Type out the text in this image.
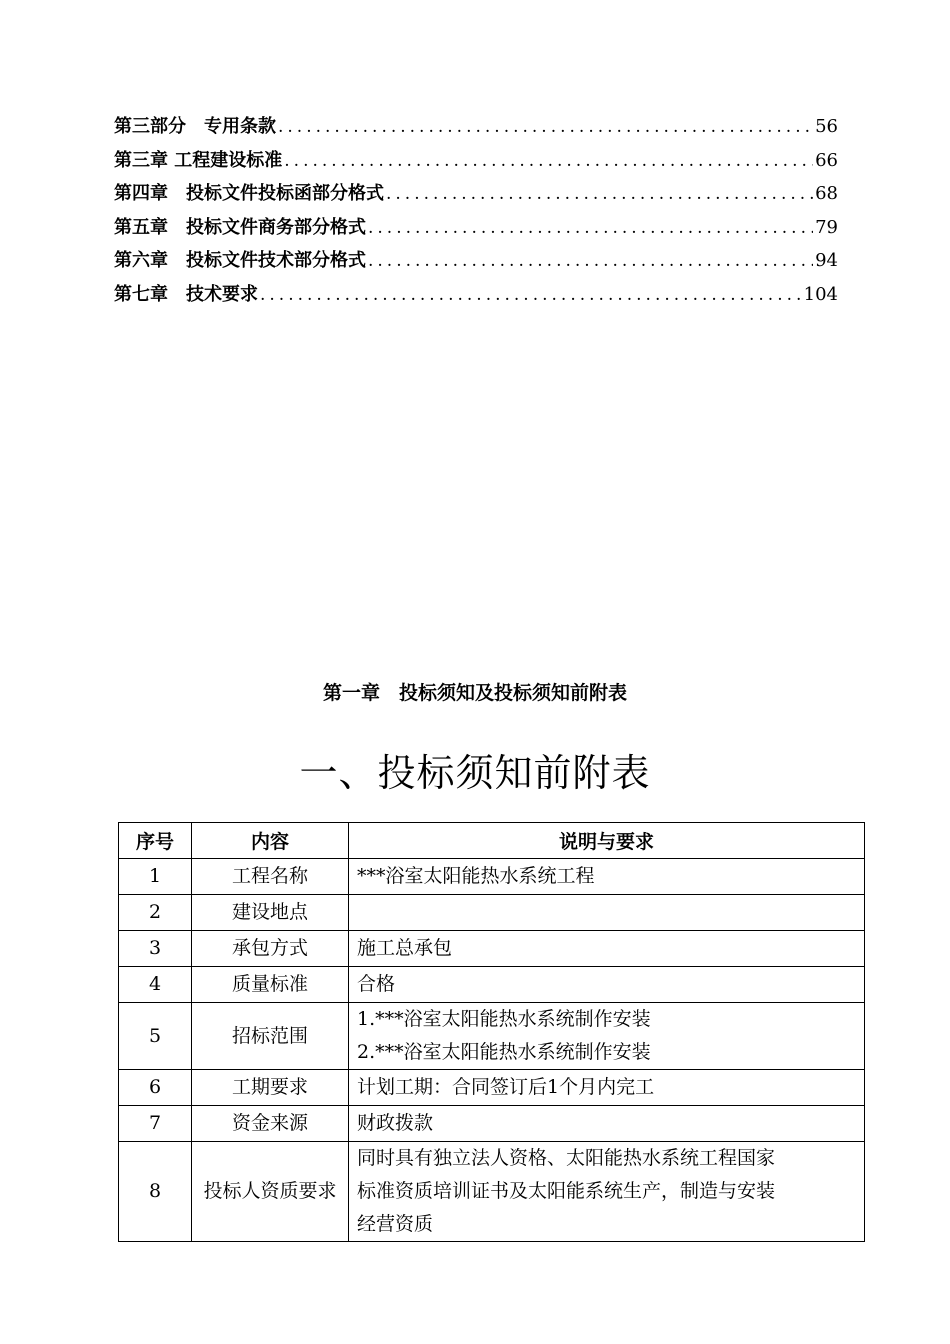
第三部分　专用条款 .....	56
第三章 工程建设标准 .....	66
第四章　投标文件投标函部分格式 .....	68
第五章　投标文件商务部分格式 .....	79
第六章　投标文件技术部分格式 .....	94
第七章　技术要求 .....	104
第一章　投标须知及投标须知前附表
一、投标须知前附表
序号	内容	说明与要求
1	工程名称	***浴室太阳能热水系统工程

2	建设地点	

3	承包方式	施工总承包

4	质量标准	合格

5	招标范围	1.***浴室太阳能热水系统制作安装
2.***浴室太阳能热水系统制作安装

6	工期要求	计划工期：合同签订后1个月内完工

7	资金来源	财政拨款

8	投标人资质要求	同时具有独立法人资格、太阳能热水系统工程国家
标准资质培训证书及太阳能系统生产，制造与安装
经营资质
